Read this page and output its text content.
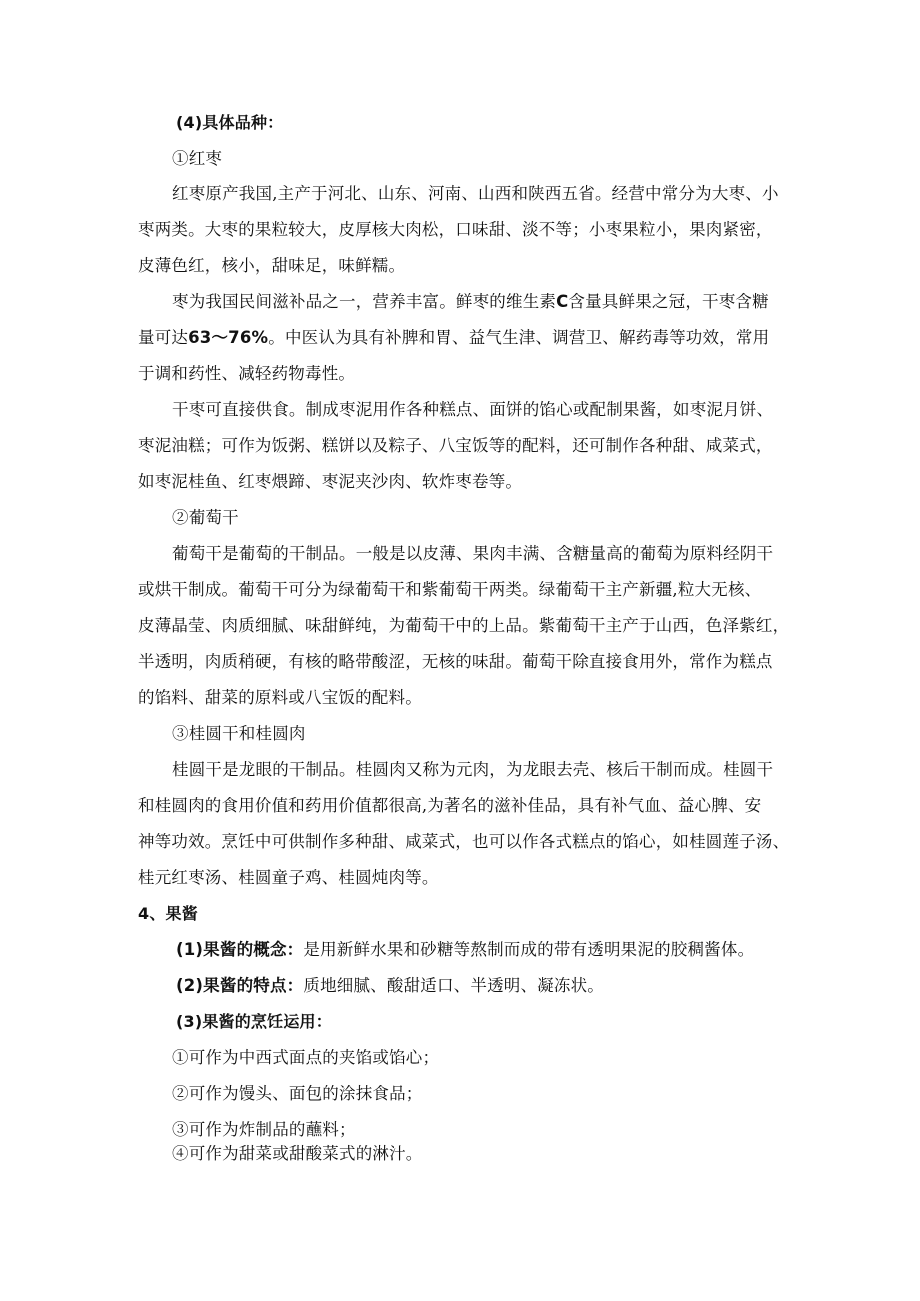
(4)具体品种：
①红枣
红枣原产我国,主产于河北、山东、河南、山西和陕西五省。经营中常分为大枣、小
枣两类。大枣的果粒较大，皮厚核大肉松，口味甜、淡不等；小枣果粒小，果肉紧密，
皮薄色红，核小，甜味足，味鲜糯。
枣为我国民间滋补品之一，营养丰富。鲜枣的维生素C含量具鲜果之冠，干枣含糖
量可达63～76%。中医认为具有补脾和胃、益气生津、调营卫、解药毒等功效，常用
于调和药性、减轻药物毒性。
干枣可直接供食。制成枣泥用作各种糕点、面饼的馅心或配制果酱，如枣泥月饼、
枣泥油糕；可作为饭粥、糕饼以及粽子、八宝饭等的配料，还可制作各种甜、咸菜式，
如枣泥桂鱼、红枣煨蹄、枣泥夹沙肉、软炸枣卷等。
②葡萄干
葡萄干是葡萄的干制品。一般是以皮薄、果肉丰满、含糖量高的葡萄为原料经阴干
或烘干制成。葡萄干可分为绿葡萄干和紫葡萄干两类。绿葡萄干主产新疆,粒大无核、
皮薄晶莹、肉质细腻、味甜鲜纯，为葡萄干中的上品。紫葡萄干主产于山西，色泽紫红，
半透明，肉质稍硬，有核的略带酸涩，无核的味甜。葡萄干除直接食用外，常作为糕点
的馅料、甜菜的原料或八宝饭的配料。
③桂圆干和桂圆肉
桂圆干是龙眼的干制品。桂圆肉又称为元肉，为龙眼去壳、核后干制而成。桂圆干
和桂圆肉的食用价值和药用价值都很高,为著名的滋补佳品，具有补气血、益心脾、安
神等功效。烹饪中可供制作多种甜、咸菜式，也可以作各式糕点的馅心，如桂圆莲子汤、
桂元红枣汤、桂圆童子鸡、桂圆炖肉等。
4、果酱
(1)果酱的概念：是用新鲜水果和砂糖等熬制而成的带有透明果泥的胶稠酱体。
(2)果酱的特点：质地细腻、酸甜适口、半透明、凝冻状。
(3)果酱的烹饪运用：
①可作为中西式面点的夹馅或馅心；
②可作为馒头、面包的涂抹食品；
③可作为炸制品的蘸料；
④可作为甜菜或甜酸菜式的淋汁。
